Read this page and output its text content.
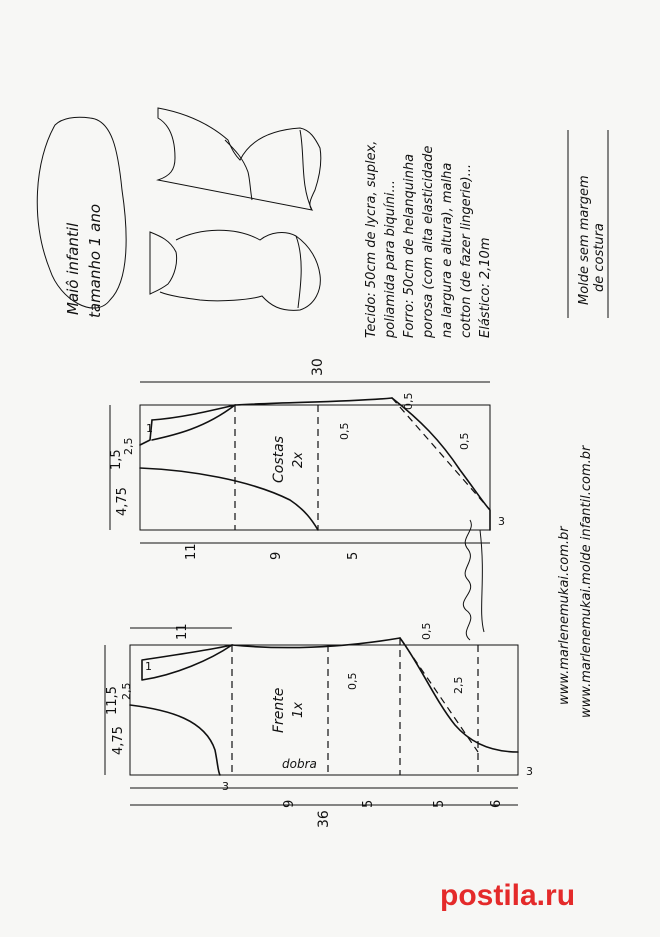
Maiô infantil tamanho 1 ano	Tecido: 50cm de lycra, suplex, poliamida para biquíni... Forro: 50cm de helanquinha porosa (com alta elasticidade na largura e altura), malha cotton (de fazer lingerie)... Elástico: 2,10m	Molde sem margem de costura
Costas 2x
30
1,5
2,5
4,75
1	0,5
0,5
0,5
3
11	9	5
Frente 1x
dobra
11
11,5 2,5
4,75
1
0,5
0,5
2,5
3
3
9	5	5	6
36
www.marlenemukai.com.br www.marlenemukai.molde infantil.com.br
postila.ru
